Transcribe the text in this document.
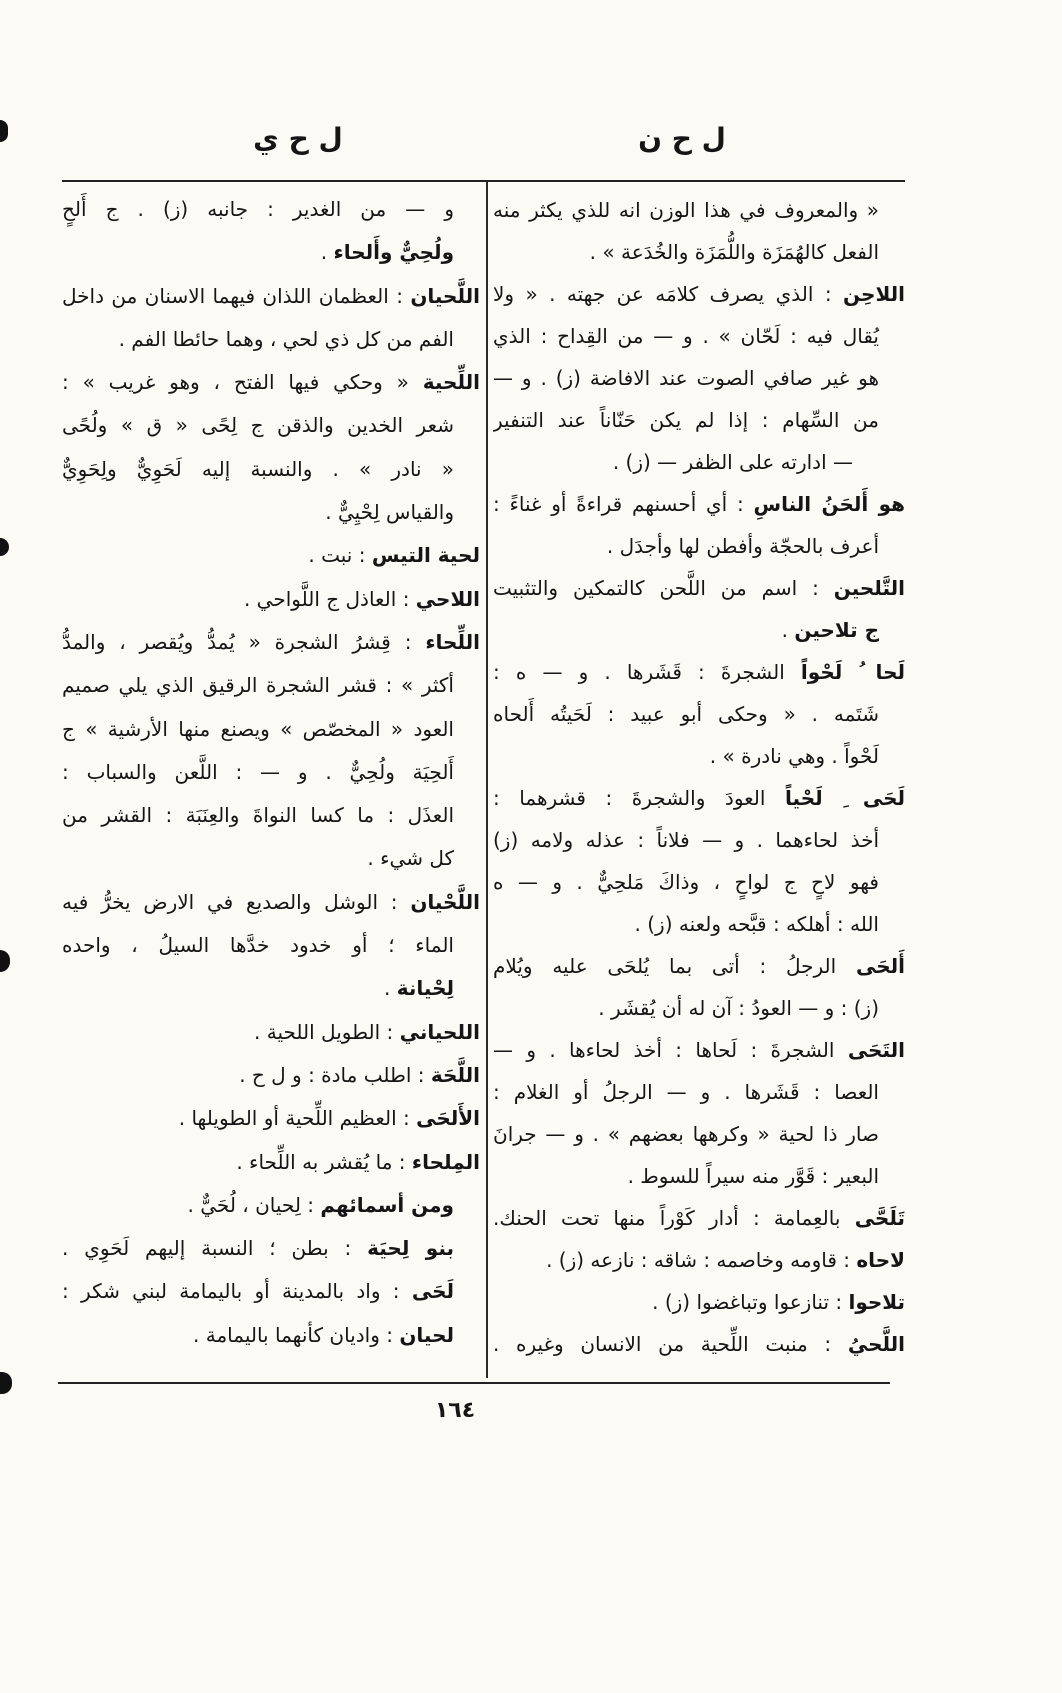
ل ح ن
ل ح ي
« والمعروف في هذا الوزن انه للذي يكثر منه
الفعل كالهُمَزَة واللُّمَزَة والخُدَعة » .
اللاحِن : الذي يصرف كلامَه عن جهته . « ولا
يُقال فيه : لَحّان » . و — من القِداح : الذي
هو غير صافي الصوت عند الافاضة (ز) . و —
من السِّهام : إذا لم يكن حَنّاناً عند التنفير
— ادارته على الظفر — (ز) .
هو أَلحَنُ الناسِ : أي أحسنهم قراءةً أو غناءً :
أعرف بالحجّة وأفطن لها وأجدَل .
التَّلحين : اسم من اللَّحن كالتمكين والتثبيت
ج تلاحين .
لَحا ُ لَحْواً الشجرةَ : قَشَرها . و — ه :
شَتَمه . « وحكى أبو عبيد : لَحَيتُه أَلحاه
لَحْواً . وهي نادرة » .
لَحَى ِ لَحْياً العودَ والشجرةَ : قشرهما :
أخذ لحاءهما . و — فلاناً : عذله ولامه (ز)
فهو لاحٍ ج لواحٍ ، وذاكَ مَلحِيٌّ . و — ه
الله : أهلكه : قبَّحه ولعنه (ز) .
أَلحَى الرجلُ : أتى بما يُلحَى عليه ويُلام
(ز) : و — العودُ : آن له أن يُقشَر .
التَحَى الشجرةَ : لَحاها : أخذ لحاءها . و —
العصا : قَشَرها . و — الرجلُ أو الغلام :
صار ذا لحية « وكرهها بعضهم » . و — جرانَ
البعير : قَوَّر منه سيراً للسوط .
تَلَحَّى بالعِمامة : أدار كَوْراً منها تحت الحنك.
لاحاه : قاومه وخاصمه : شاقه : نازعه (ز) .
تلاحوا : تنازعوا وتباغضوا (ز) .
اللَّحيُ : منبت اللِّحية من الانسان وغيره .
و — من الغدير : جانبه (ز) . ج أَلحٍ
ولُحِيٌّ وأَلحاء .
اللَّحيان : العظمان اللذان فيهما الاسنان من داخل
الفم من كل ذي لحي ، وهما حائطا الفم .
اللِّحية « وحكي فيها الفتح ، وهو غريب » :
شعر الخدين والذقن ج لِحًى « ق » ولُحًى
« نادر » . والنسبة إليه لَحَوِيٌّ ولِحَوِيٌّ
والقياس لِحْيِيٌّ .
لحية التيس : نبت .
اللاحي : العاذل ج اللَّواحي .
اللِّحاء : قِشرُ الشجرة « يُمدُّ ويُقصر ، والمدُّ
أكثر » : قشر الشجرة الرقيق الذي يلي صميم
العود « المخصّص » ويصنع منها الأرشية » ج
أَلحِيَة ولُحِيٌّ . و — : اللَّعن والسباب :
العذَل : ما كسا النواةَ والعِنَبَة : القشر من
كل شيء .
اللَّحْيان : الوشل والصديع في الارض يخرُّ فيه
الماء ؛ أو خدود خدَّها السيلُ ، واحده
لِحْيانة .
اللحياني : الطويل اللحية .
اللَّحَة : اطلب مادة : و ل ح .
الأَلحَى : العظيم اللِّحية أو الطويلها .
المِلحاء : ما يُقشر به اللِّحاء .
ومن أسمائهم : لِحيان ، لُحَيٌّ .
بنو لِحيَة : بطن ؛ النسبة إليهم لَحَوِي .
لَحَى : واد بالمدينة أو باليمامة لبني شكر :
لحيان : واديان كأنهما باليمامة .
١٦٤
